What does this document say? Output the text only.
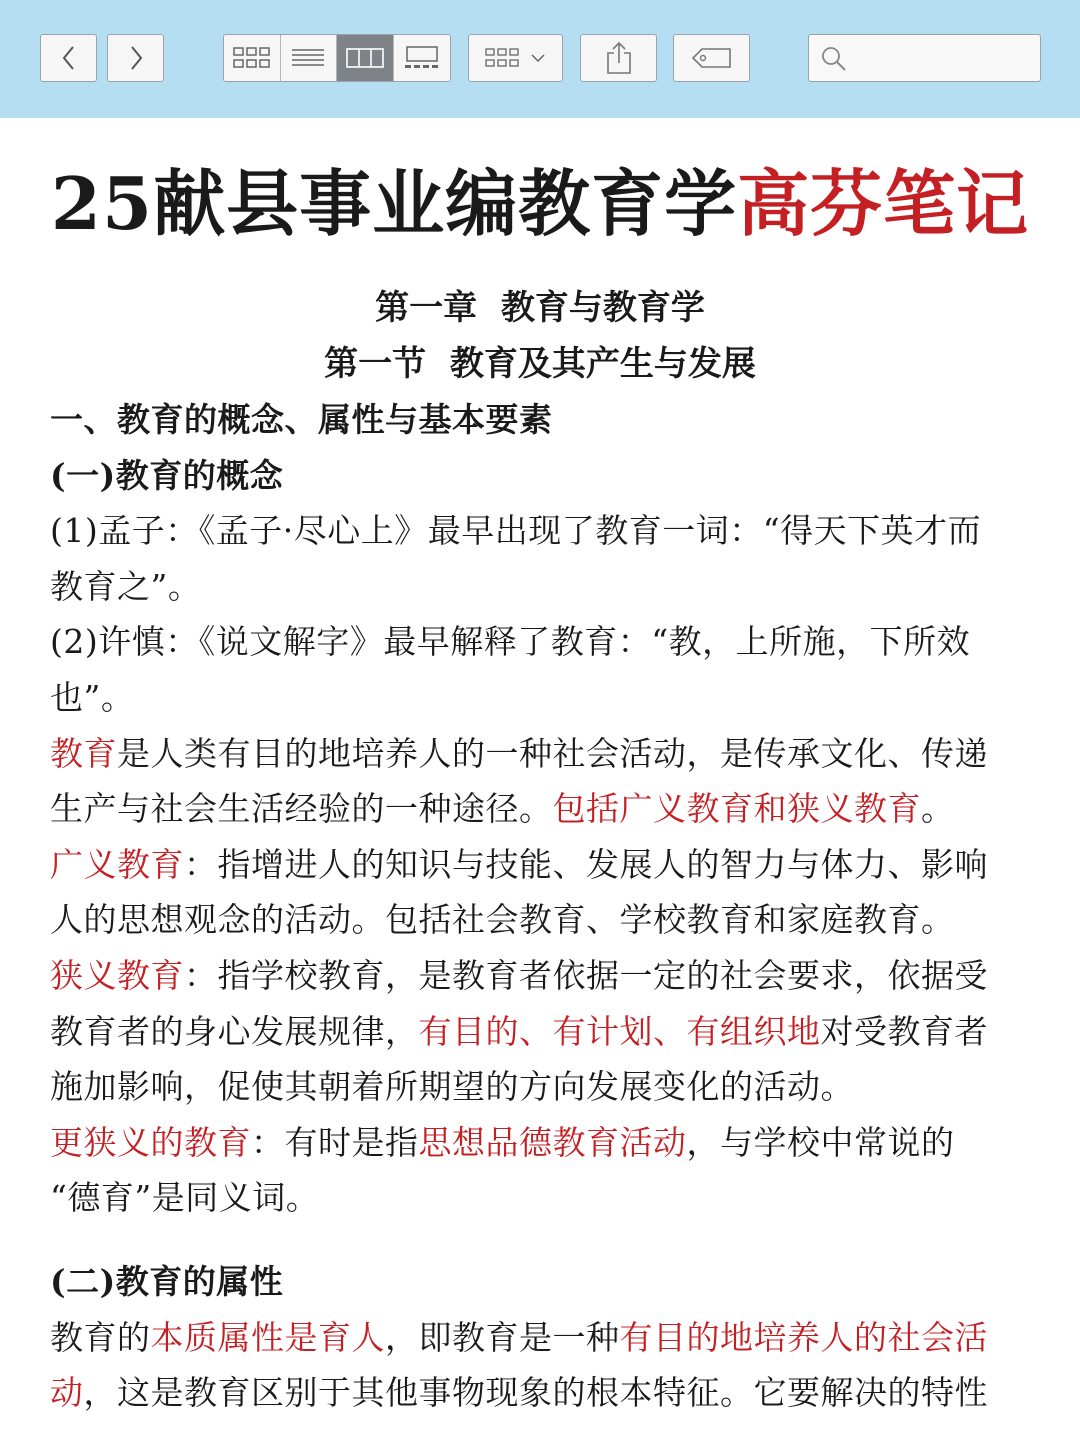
25献县事业编教育学高芬笔记
第一章  教育与教育学
第一节  教育及其产生与发展
一、教育的概念、属性与基本要素
(一)教育的概念
(1)孟子：《孟子·尽心上》最早出现了教育一词：“得天下英才而
教育之”。
(2)许慎：《说文解字》最早解释了教育：“教，上所施，下所效
也”。
教育是人类有目的地培养人的一种社会活动，是传承文化、传递
生产与社会生活经验的一种途径。包括广义教育和狭义教育。
广义教育：指增进人的知识与技能、发展人的智力与体力、影响
人的思想观念的活动。包括社会教育、学校教育和家庭教育。
狭义教育：指学校教育，是教育者依据一定的社会要求，依据受
教育者的身心发展规律，有目的、有计划、有组织地对受教育者
施加影响，促使其朝着所期望的方向发展变化的活动。
更狭义的教育：有时是指思想品德教育活动，与学校中常说的
“德育”是同义词。
(二)教育的属性
教育的本质属性是育人，即教育是一种有目的地培养人的社会活
动，这是教育区别于其他事物现象的根本特征。它要解决的特性
